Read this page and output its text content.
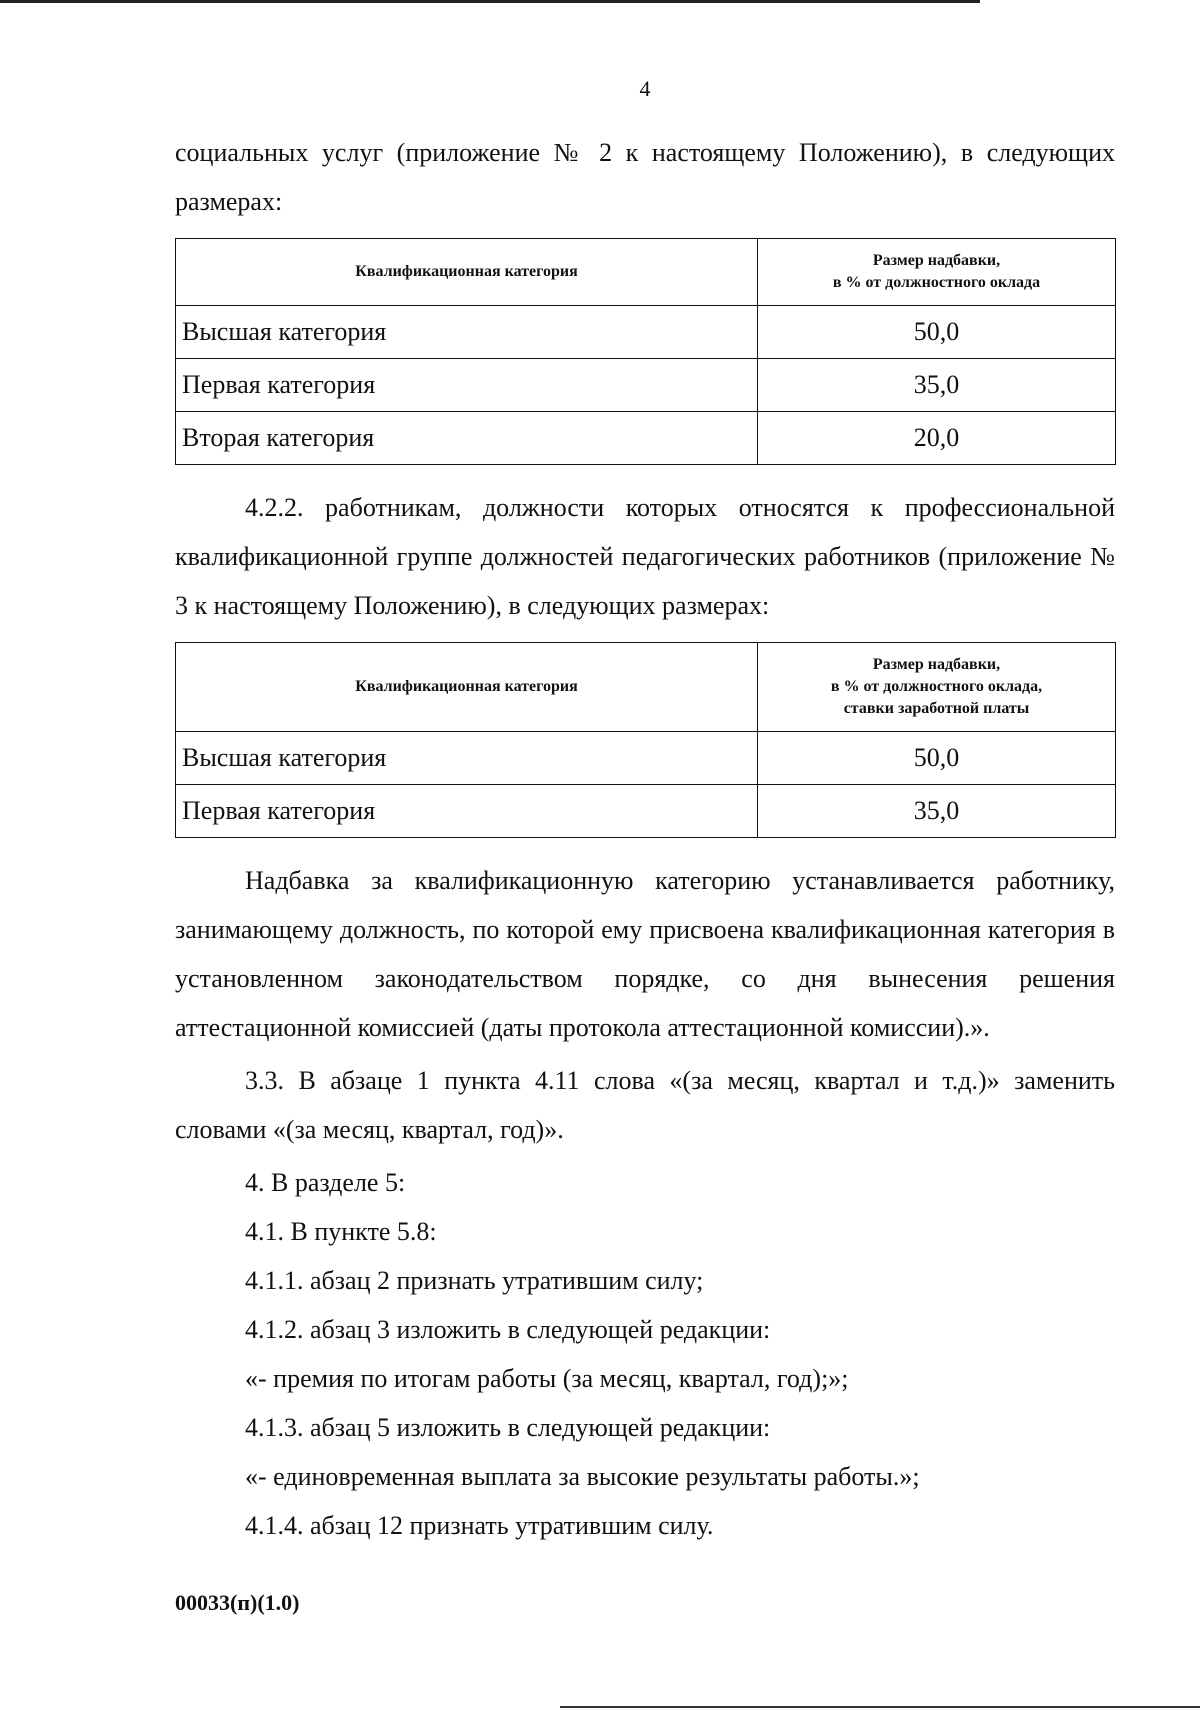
4

социальных услуг (приложение № 2 к настоящему Положению), в следующих размерах:

Квалификационная категория	Размер надбавки,
в % от должностного оклада

Высшая категория	50,0
Первая категория	35,0
Вторая категория	20,0

4.2.2. работникам, должности которых относятся к профессиональной квалификационной группе должностей педагогических работников (приложение № 3 к настоящему Положению), в следующих размерах:

Квалификационная категория	Размер надбавки,
в % от должностного оклада,
ставки заработной платы

Высшая категория	50,0
Первая категория	35,0

Надбавка за квалификационную категорию устанавливается работнику, занимающему должность, по которой ему присвоена квалификационная категория в установленном законодательством порядке, со дня вынесения решения аттестационной комиссией (даты протокола аттестационной комиссии).».

3.3. В абзаце 1 пункта 4.11 слова «(за месяц, квартал и т.д.)» заменить словами «(за месяц, квартал, год)».

4. В разделе 5:

4.1. В пункте 5.8:

4.1.1. абзац 2 признать утратившим силу;

4.1.2. абзац 3 изложить в следующей редакции:

«- премия по итогам работы (за месяц, квартал, год);»;

4.1.3. абзац 5 изложить в следующей редакции:

«- единовременная выплата за высокие результаты работы.»;

4.1.4. абзац 12 признать утратившим силу.

00033(п)(1.0)
